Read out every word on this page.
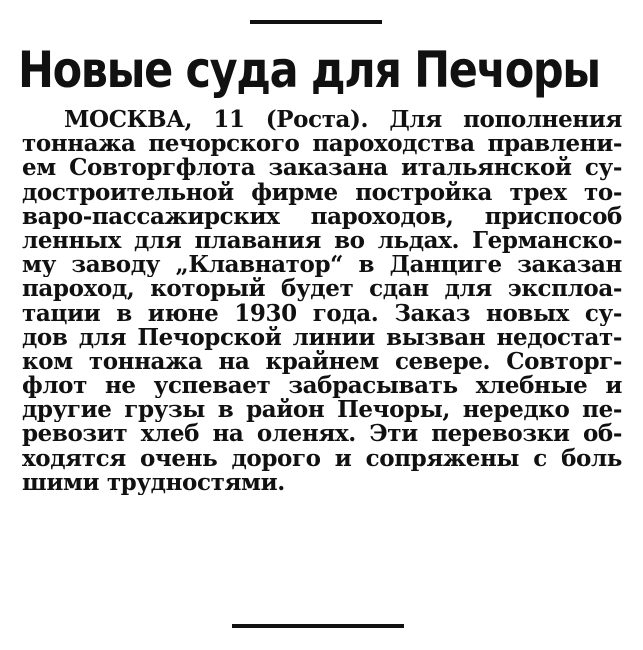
Новые суда для Печоры
МОСКВА, 11 (Роста). Для пополнения
тоннажа печорского пароходства правлени-
ем Совторгфлота заказана итальянской су-
достроительной фирме постройка трех то-
варо-пассажирских пароходов, приспособ
ленных для плавания во льдах. Германско-
му заводу „Клавнатор“ в Данциге заказан
пароход, который будет сдан для эксплоа-
тации в июне 1930 года. Заказ новых су-
дов для Печорской линии вызван недостат-
ком тоннажа на крайнем севере. Совторг-
флот не успевает забрасывать хлебные и
другие грузы в район Печоры, нередко пе-
ревозит хлеб на оленях. Эти перевозки об-
ходятся очень дорого и сопряжены с боль
шими трудностями.
